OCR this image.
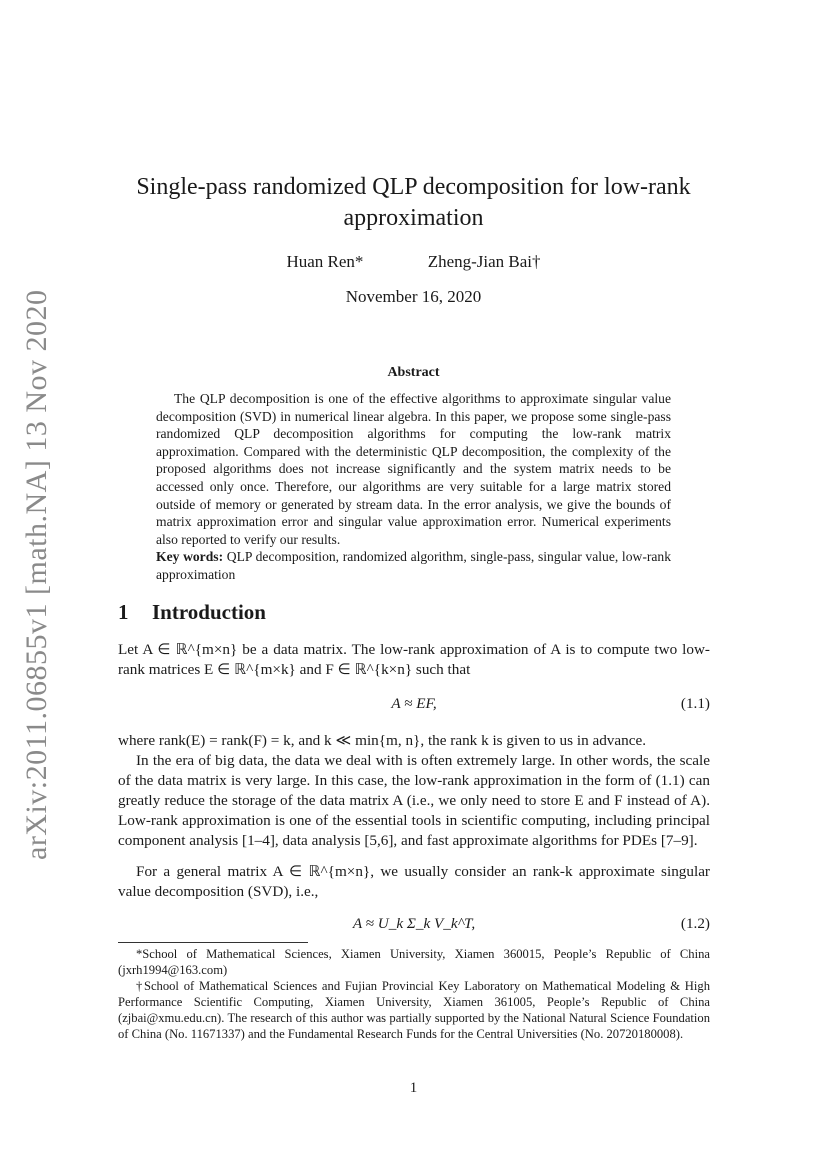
arXiv:2011.06855v1 [math.NA] 13 Nov 2020
Single-pass randomized QLP decomposition for low-rank
approximation
Huan Ren*	Zheng-Jian Bai†
November 16, 2020
Abstract
The QLP decomposition is one of the effective algorithms to approximate singular value decomposition (SVD) in numerical linear algebra. In this paper, we propose some single-pass randomized QLP decomposition algorithms for computing the low-rank matrix approximation. Compared with the deterministic QLP decomposition, the complexity of the proposed algorithms does not increase significantly and the system matrix needs to be accessed only once. Therefore, our algorithms are very suitable for a large matrix stored outside of memory or generated by stream data. In the error analysis, we give the bounds of matrix approximation error and singular value approximation error. Numerical experiments also reported to verify our results.
Key words: QLP decomposition, randomized algorithm, single-pass, singular value, low-rank approximation
1 Introduction
Let A ∈ ℝ^{m×n} be a data matrix. The low-rank approximation of A is to compute two low-rank matrices E ∈ ℝ^{m×k} and F ∈ ℝ^{k×n} such that
A ≈ EF,	(1.1)
where rank(E) = rank(F) = k, and k ≪ min{m, n}, the rank k is given to us in advance.
In the era of big data, the data we deal with is often extremely large. In other words, the scale of the data matrix is very large. In this case, the low-rank approximation in the form of (1.1) can greatly reduce the storage of the data matrix A (i.e., we only need to store E and F instead of A). Low-rank approximation is one of the essential tools in scientific computing, including principal component analysis [1–4], data analysis [5,6], and fast approximate algorithms for PDEs [7–9].
For a general matrix A ∈ ℝ^{m×n}, we usually consider an rank-k approximate singular value decomposition (SVD), i.e.,
A ≈ U_k Σ_k V_k^T,	(1.2)
*School of Mathematical Sciences, Xiamen University, Xiamen 360015, People’s Republic of China (jxrh1994@163.com)
†School of Mathematical Sciences and Fujian Provincial Key Laboratory on Mathematical Modeling & High Performance Scientific Computing, Xiamen University, Xiamen 361005, People’s Republic of China (zjbai@xmu.edu.cn). The research of this author was partially supported by the National Natural Science Foundation of China (No. 11671337) and the Fundamental Research Funds for the Central Universities (No. 20720180008).
1
